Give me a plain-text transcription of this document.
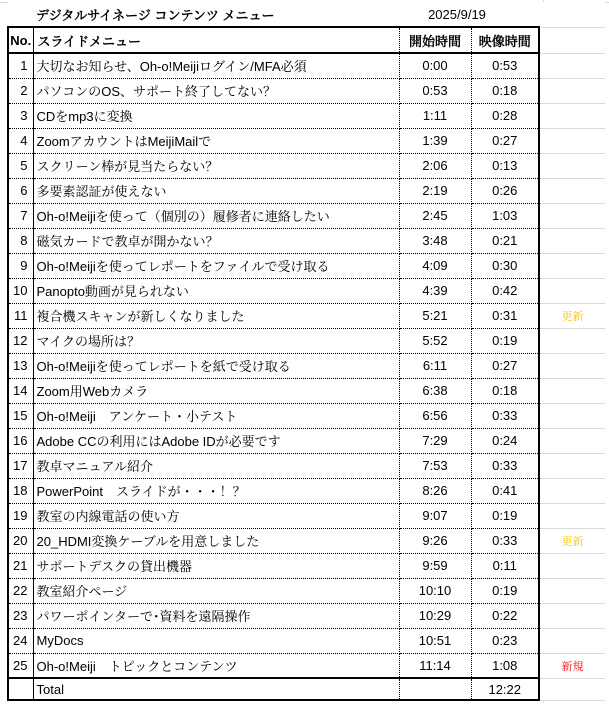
デジタルサイネージ コンテンツ メニュー		2025/9/19		
No.	スライドメニュー	開始時間	映像時間	
1	大切なお知らせ、Oh-o!Meijiログイン/MFA必須	0:00	0:53	
2	パソコンのOS、サポート終了してない？	0:53	0:18	
3	CDをmp3に変換	1:11	0:28	
4	ZoomアカウントはMeijiMailで	1:39	0:27	
5	スクリーン棒が見当たらない？	2:06	0:13	
6	多要素認証が使えない	2:19	0:26	
7	Oh-o!Meijiを使って（個別の）履修者に連絡したい	2:45	1:03	
8	磁気カードで教卓が開かない？	3:48	0:21	
9	Oh-o!Meijiを使ってレポートをファイルで受け取る	4:09	0:30	
10	Panopto動画が見られない	4:39	0:42	
11	複合機スキャンが新しくなりました	5:21	0:31	更新
12	マイクの場所は？	5:52	0:19	
13	Oh-o!Meijiを使ってレポートを紙で受け取る	6:11	0:27	
14	Zoom用Webカメラ	6:38	0:18	
15	Oh-o!Meiji　アンケート・小テスト	6:56	0:33	
16	Adobe CCの利用にはAdobe IDが必要です	7:29	0:24	
17	教卓マニュアル紹介	7:53	0:33	
18	PowerPoint　スライドが・・・！？	8:26	0:41	
19	教室の内線電話の使い方	9:07	0:19	
20	20_HDMI変換ケーブルを用意しました	9:26	0:33	更新
21	サポートデスクの貸出機器	9:59	0:11	
22	教室紹介ページ	10:10	0:19	
23	パワーポインターで･資料を遠隔操作	10:29	0:22	
24	MyDocs	10:51	0:23	
25	Oh-o!Meiji　トピックとコンテンツ	11:14	1:08	新規
	Total		12:22	
